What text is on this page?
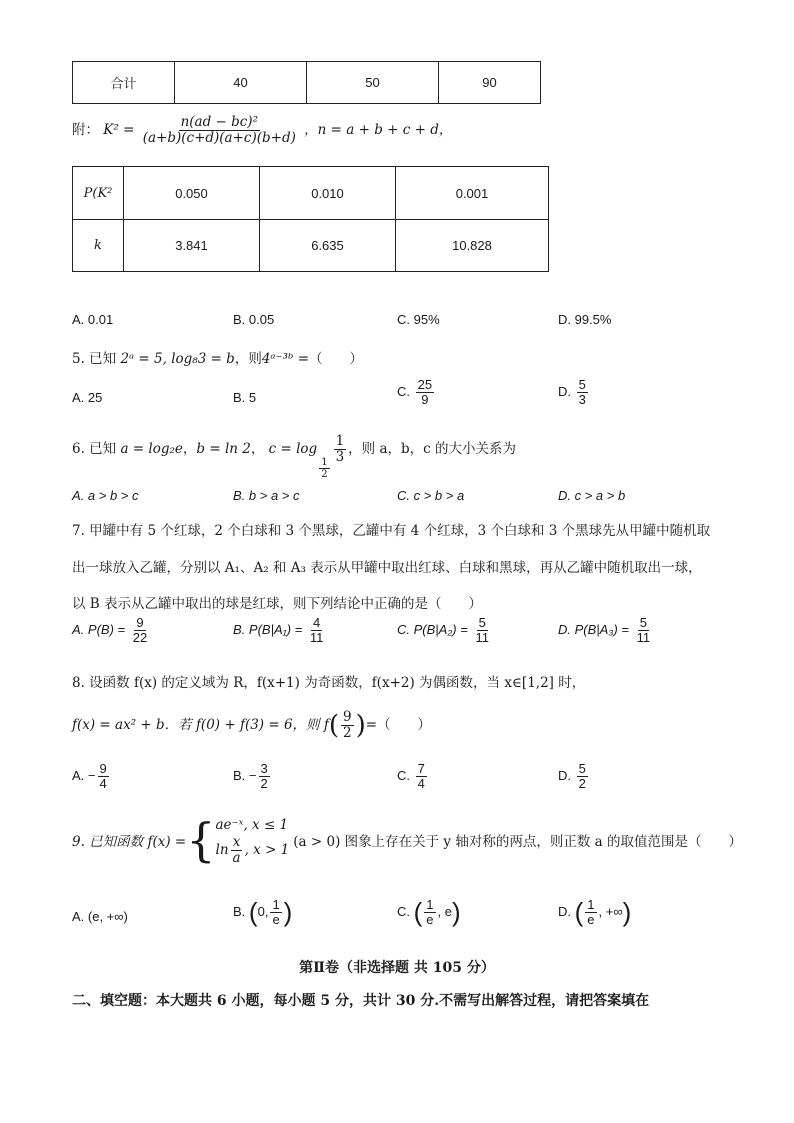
合计	40	50	90
附： $K^2 = \frac{\text{n(ad − bc)²}}{(a+b)(c+d)(a+c)(b+d)}$ ，n = a + b + c + d，
P(K²	0.050	0.010	0.001
k	3.841	6.635	10.828
A. 0.01	B. 0.05	C. 95%	D. 99.5%
5. 已知 2ᵃ = 5, log₈3 = b，则4ᵃ⁻³ᵇ =（　　）
A. 25	B. 5	C. $\frac{25}{9}$	D. $\frac{5}{3}$
6. 已知 a = log₂e，b = ln 2， c = log
$\frac{1}{2}$
$\frac{1}{3}$ ，则 a，b，c 的大小关系为
A. a > b > c	B. b > a > c	C. c > b > a	D. c > a > b
7. 甲罐中有 5 个红球，2 个白球和 3 个黑球，乙罐中有 4 个红球，3 个白球和 3 个黑球先从甲罐中随机取
出一球放入乙罐，分别以 A₁、A₂ 和 A₃ 表示从甲罐中取出红球、白球和黑球，再从乙罐中随机取出一球，
以 B 表示从乙罐中取出的球是红球，则下列结论中正确的是（　　）
A. $P(B) = \frac{9}{22}$	B. $P(B|A_1) = \frac{4}{11}$	C. $P(B|A_2) = \frac{5}{11}$	D. $P(B|A_3) = \frac{5}{11}$
8. 设函数 f(x) 的定义域为 R，f(x+1) 为奇函数，f(x+2) 为偶函数，当 x∈[1,2] 时，
f(x) = ax² + b．若 f(0) + f(3) = 6，则 $f( \frac{9}{2}$ )=（　　）
A. − $\frac{9}{4}$	B. − $\frac{3}{2}$	C. $\frac{7}{4}$	D. $\frac{5}{2}$
9. 已知函数 f(x) = { ae⁻ˣ, x ≤ 1
$\ln \frac{x}{a}$ , x > 1 (a > 0) 图象上存在关于 y 轴对称的两点，则正数 a 的取值范围是（　　）
A. (e, +∞)	B. (0, $\frac{1}{e}$ )	C. ( $\frac{1}{e}$ , e)	D. ( $\frac{1}{e}$ , +∞)
第Ⅱ卷（非选择题 共 105 分）
二、填空题：本大题共 6 小题，每小题 5 分，共计 30 分.不需写出解答过程，请把答案填在
